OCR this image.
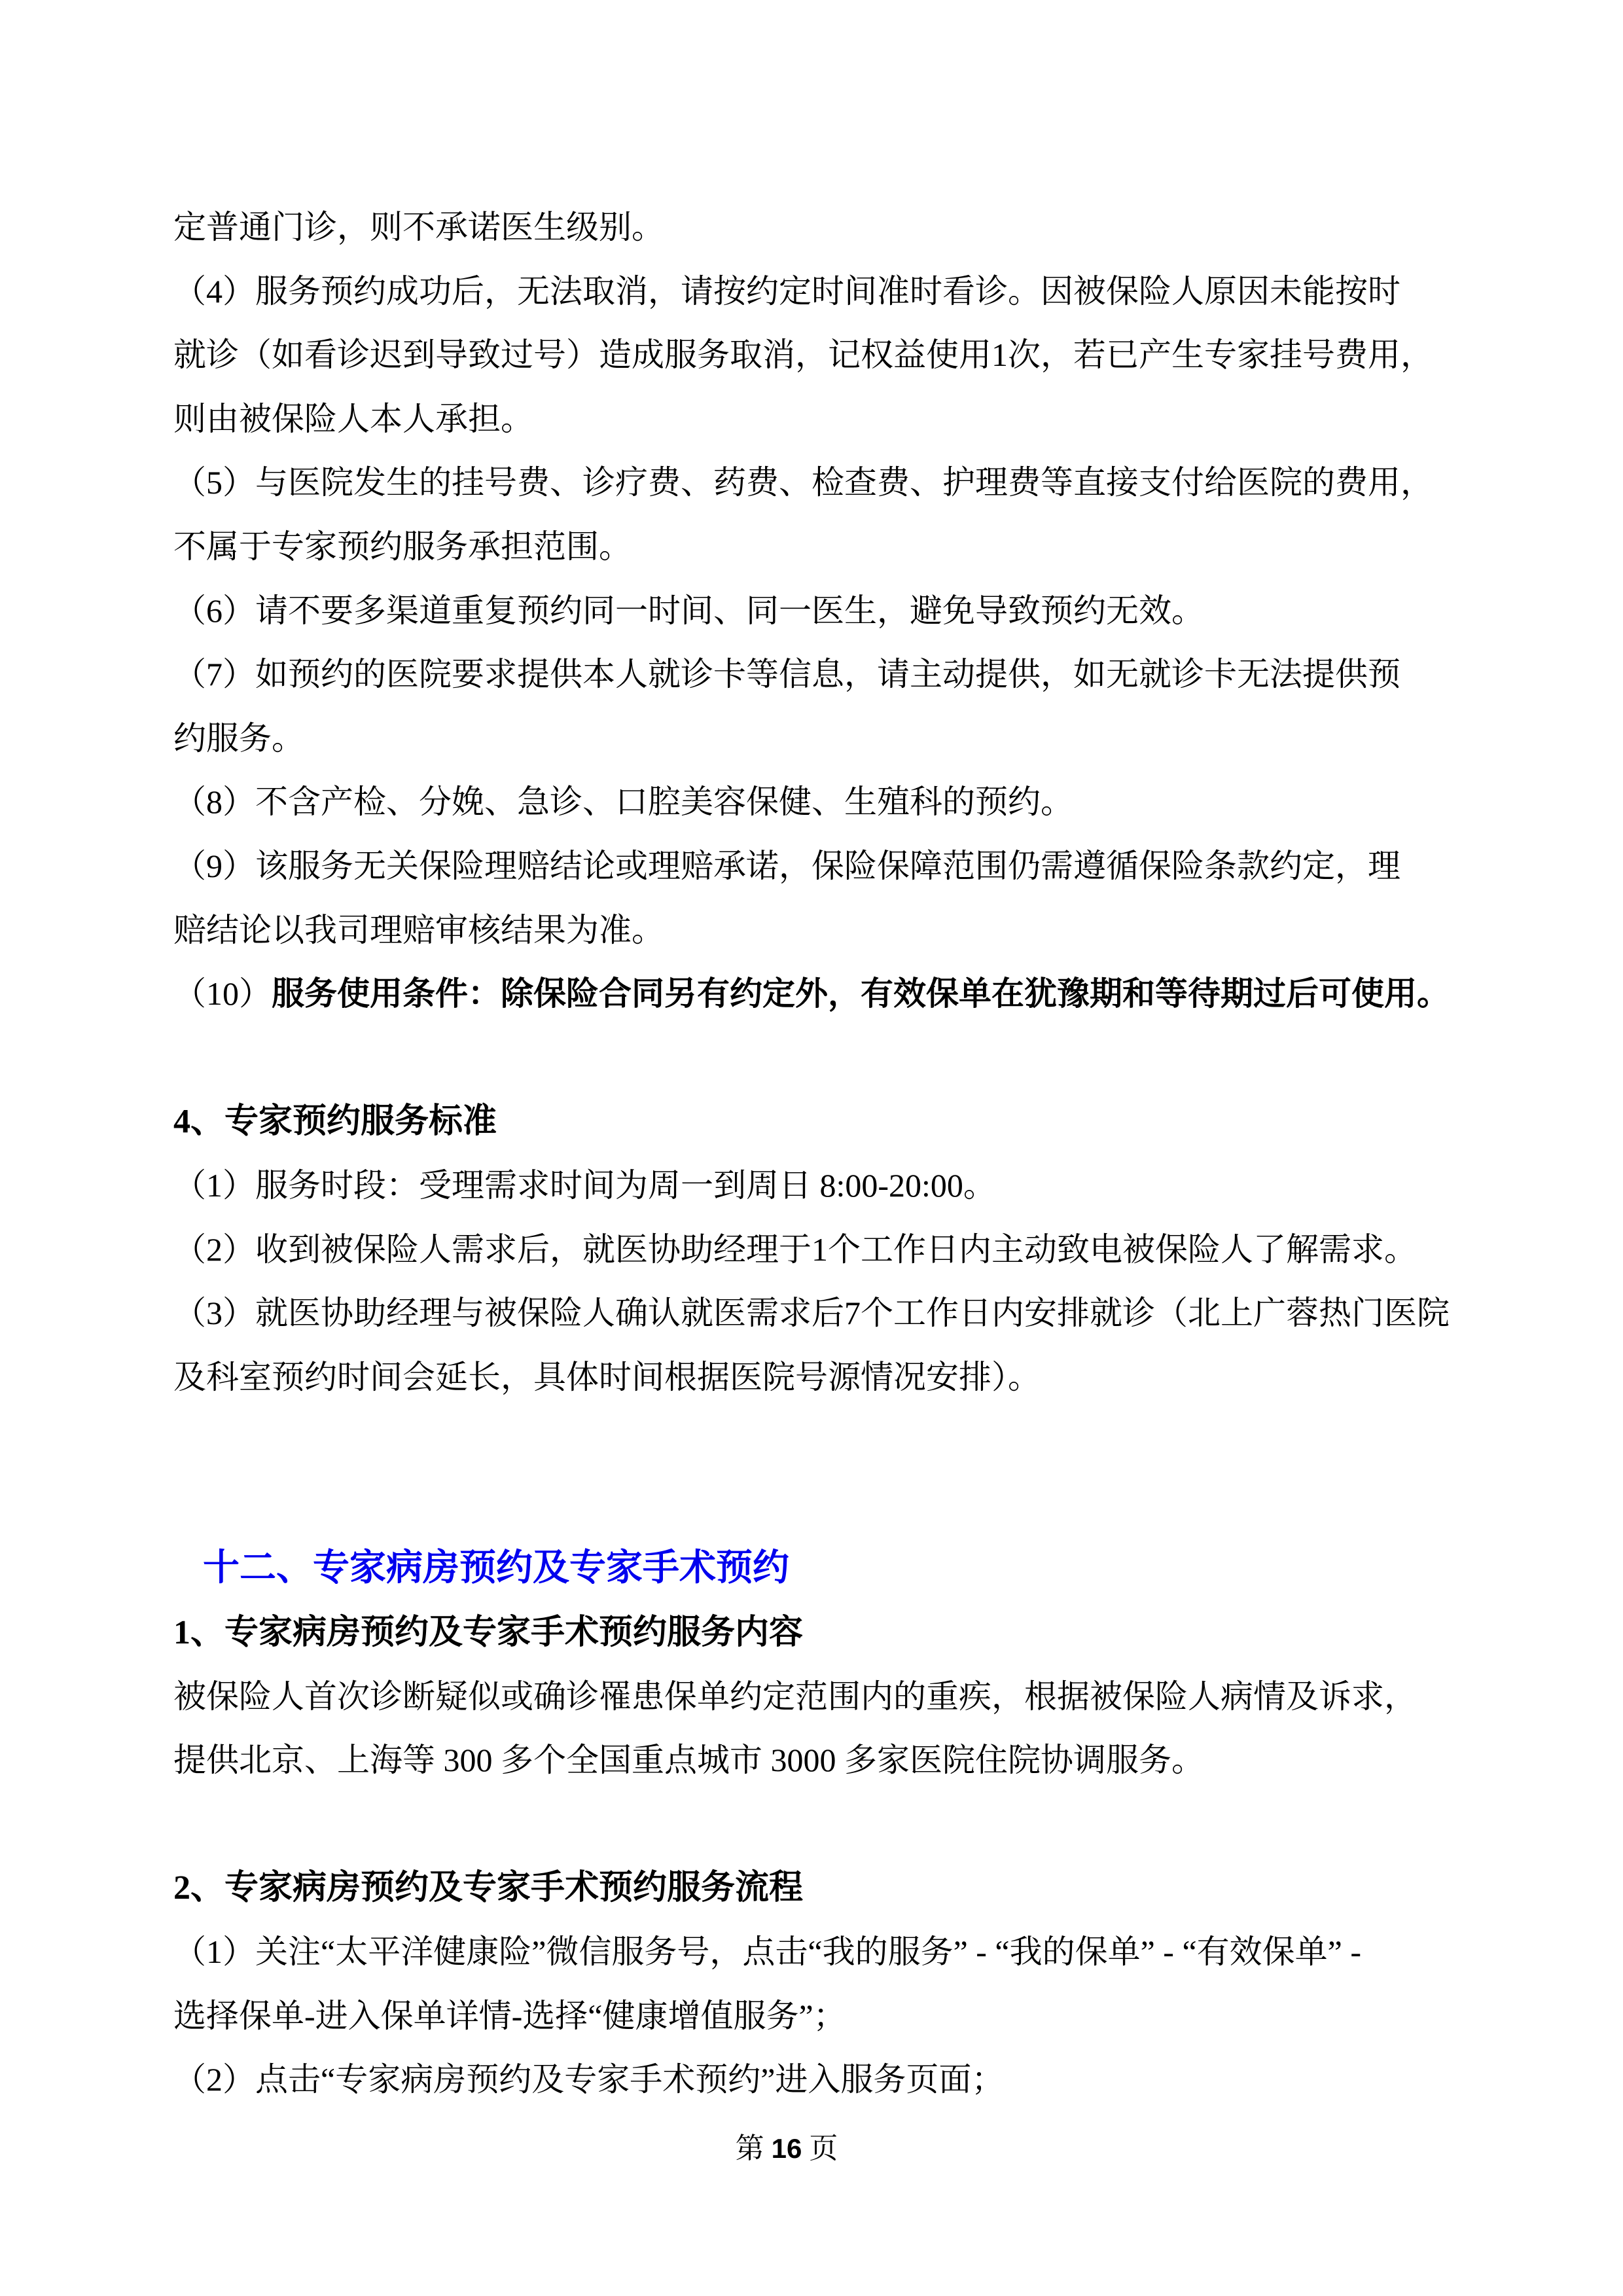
定普通门诊，则不承诺医生级别。
（4）服务预约成功后，无法取消，请按约定时间准时看诊。因被保险人原因未能按时
就诊（如看诊迟到导致过号）造成服务取消，记权益使用1次，若已产生专家挂号费用，
则由被保险人本人承担。
（5）与医院发生的挂号费、诊疗费、药费、检查费、护理费等直接支付给医院的费用，
不属于专家预约服务承担范围。
（6）请不要多渠道重复预约同一时间、同一医生，避免导致预约无效。
（7）如预约的医院要求提供本人就诊卡等信息，请主动提供，如无就诊卡无法提供预
约服务。
（8）不含产检、分娩、急诊、口腔美容保健、生殖科的预约。
（9）该服务无关保险理赔结论或理赔承诺，保险保障范围仍需遵循保险条款约定，理
赔结论以我司理赔审核结果为准。
（10）服务使用条件：除保险合同另有约定外，有效保单在犹豫期和等待期过后可使用。
4、专家预约服务标准
（1）服务时段：受理需求时间为周一到周日 8:00-20:00。
（2）收到被保险人需求后，就医协助经理于1个工作日内主动致电被保险人了解需求。
（3）就医协助经理与被保险人确认就医需求后7个工作日内安排就诊（北上广蓉热门医院
及科室预约时间会延长，具体时间根据医院号源情况安排）。
十二、专家病房预约及专家手术预约
1、专家病房预约及专家手术预约服务内容
被保险人首次诊断疑似或确诊罹患保单约定范围内的重疾，根据被保险人病情及诉求，
提供北京、上海等 300 多个全国重点城市 3000 多家医院住院协调服务。
2、专家病房预约及专家手术预约服务流程
（1）关注“太平洋健康险”微信服务号，点击“我的服务” - “我的保单” - “有效保单” -
选择保单-进入保单详情-选择“健康增值服务”；
（2）点击“专家病房预约及专家手术预约”进入服务页面；
第 16 页
